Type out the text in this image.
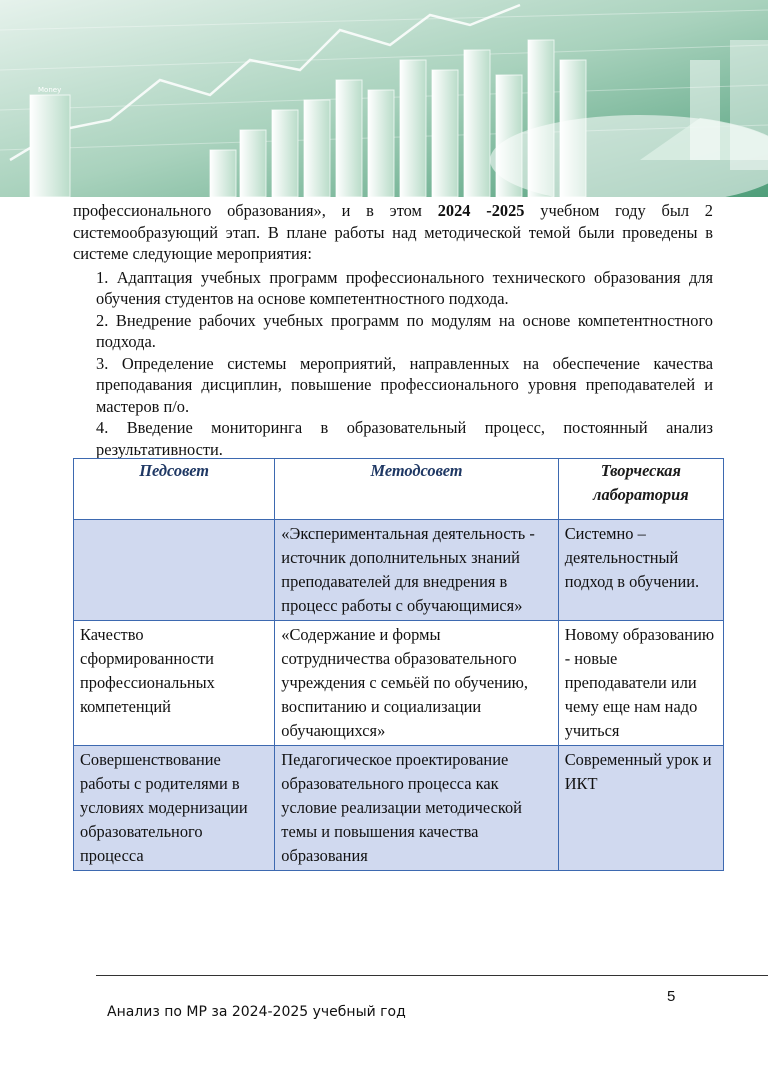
Money

профессионального образования», и в этом 2024 -2025 учебном году был 2 системообразующий этап. В плане работы над методической темой были проведены в системе следующие мероприятия:

1. Адаптация учебных программ профессионального технического образования для обучения студентов на основе компетентностного подхода.
2. Внедрение рабочих учебных программ по модулям на основе компетентностного подхода.
3. Определение системы мероприятий, направленных на обеспечение качества преподавания дисциплин, повышение профессионального уровня преподавателей и мастеров п/о.
4. Введение мониторинга в образовательный процесс, постоянный анализ результативности.
Педсовет	Методсовет	Творческая лаборатория
	«Экспериментальная деятельность - источник дополнительных знаний преподавателей для внедрения в процесс работы с обучающимися»	Системно – деятельностный подход в обучении.
Качество сформированности профессиональных компетенций	«Содержание и формы сотрудничества образовательного учреждения с семьёй по обучению, воспитанию и социализации обучающихся»	Новому образованию - новые преподаватели или чему еще нам надо учиться
Совершенствование работы с родителями в условиях модернизации образовательного процесса	Педагогическое проектирование образовательного процесса как условие реализации методической темы и повышения качества образования	Современный урок и ИКТ
5
Анализ по МР за 2024-2025 учебный год
